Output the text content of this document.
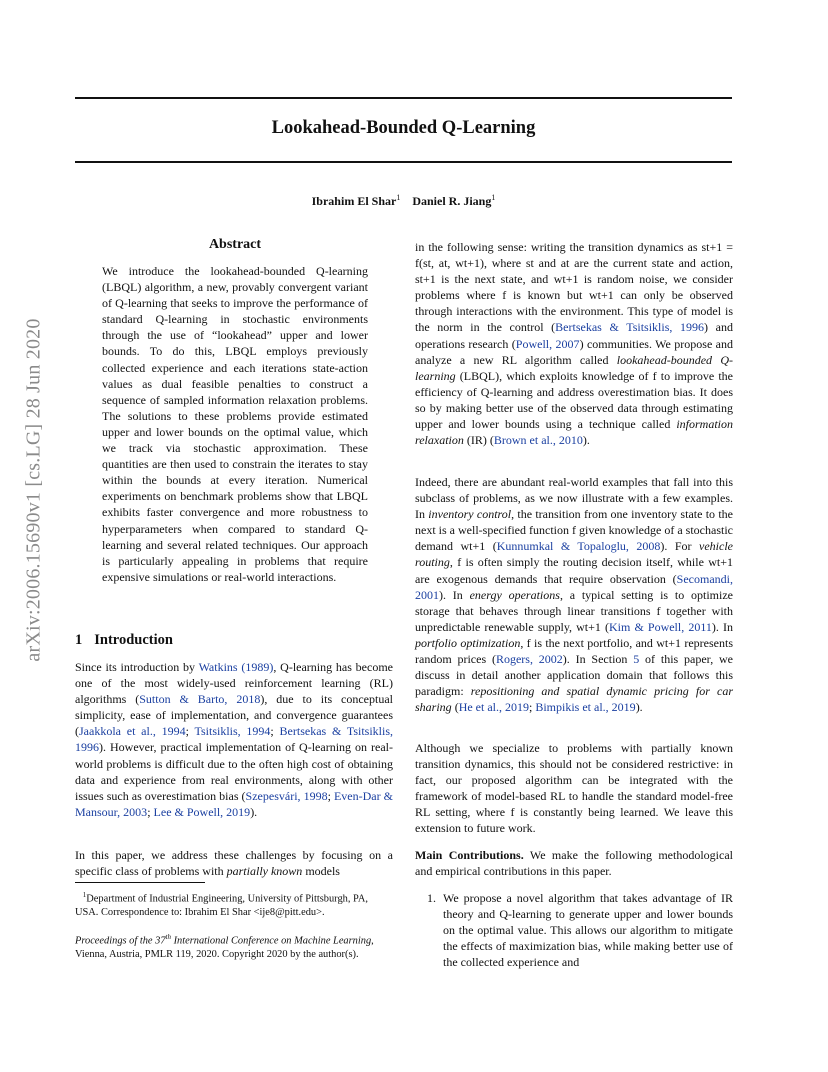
Lookahead-Bounded Q-Learning
Ibrahim El Shar$^1$ Daniel R. Jiang$^1$
arXiv:2006.15690v1 [cs.LG] 28 Jun 2020
Abstract
We introduce the lookahead-bounded Q-learning (LBQL) algorithm, a new, provably convergent variant of Q-learning that seeks to improve the performance of standard Q-learning in stochastic environments through the use of “lookahead” upper and lower bounds. To do this, LBQL employs previously collected experience and each iterations state-action values as dual feasible penalties to construct a sequence of sampled information relaxation problems. The solutions to these problems provide estimated upper and lower bounds on the optimal value, which we track via stochastic approximation. These quantities are then used to constrain the iterates to stay within the bounds at every iteration. Numerical experiments on benchmark problems show that LBQL exhibits faster convergence and more robustness to hyperparameters when compared to standard Q-learning and several related techniques. Our approach is particularly appealing in problems that require expensive simulations or real-world interactions.
1 Introduction

Since its introduction by Watkins (1989), Q-learning has become one of the most widely-used reinforcement learning (RL) algorithms (Sutton & Barto, 2018), due to its conceptual simplicity, ease of implementation, and convergence guarantees (Jaakkola et al., 1994; Tsitsiklis, 1994; Bertsekas & Tsitsiklis, 1996). However, practical implementation of Q-learning on real-world problems is difficult due to the often high cost of obtaining data and experience from real environments, along with other issues such as overestimation bias (Szepesvári, 1998; Even-Dar & Mansour, 2003; Lee & Powell, 2019).

In this paper, we address these challenges by focusing on a specific class of problems with partially known models

$^1$Department of Industrial Engineering, University of Pittsburgh, PA, USA. Correspondence to: Ibrahim El Shar <ije8@pitt.edu>.
Proceedings of the 37th International Conference on Machine Learning, Vienna, Austria, PMLR 119, 2020. Copyright 2020 by the author(s).

in the following sense: writing the transition dynamics as st+1 = f(st, at, wt+1), where st and at are the current state and action, st+1 is the next state, and wt+1 is random noise, we consider problems where f is known but wt+1 can only be observed through interactions with the environment. This type of model is the norm in the control (Bertsekas & Tsitsiklis, 1996) and operations research (Powell, 2007) communities. We propose and analyze a new RL algorithm called lookahead-bounded Q-learning (LBQL), which exploits knowledge of f to improve the efficiency of Q-learning and address overestimation bias. It does so by making better use of the observed data through estimating upper and lower bounds using a technique called information relaxation (IR) (Brown et al., 2010).

Indeed, there are abundant real-world examples that fall into this subclass of problems, as we now illustrate with a few examples. In inventory control, the transition from one inventory state to the next is a well-specified function f given knowledge of a stochastic demand wt+1 (Kunnumkal & Topaloglu, 2008). For vehicle routing, f is often simply the routing decision itself, while wt+1 are exogenous demands that require observation (Secomandi, 2001). In energy operations, a typical setting is to optimize storage that behaves through linear transitions f together with unpredictable renewable supply, wt+1 (Kim & Powell, 2011). In portfolio optimization, f is the next portfolio, and wt+1 represents random prices (Rogers, 2002). In Section 5 of this paper, we discuss in detail another application domain that follows this paradigm: repositioning and spatial dynamic pricing for car sharing (He et al., 2019; Bimpikis et al., 2019).

Although we specialize to problems with partially known transition dynamics, this should not be considered restrictive: in fact, our proposed algorithm can be integrated with the framework of model-based RL to handle the standard model-free RL setting, where f is constantly being learned. We leave this extension to future work.

Main Contributions. We make the following methodological and empirical contributions in this paper.

1. We propose a novel algorithm that takes advantage of IR theory and Q-learning to generate upper and lower bounds on the optimal value. This allows our algorithm to mitigate the effects of maximization bias, while making better use of the collected experience and
